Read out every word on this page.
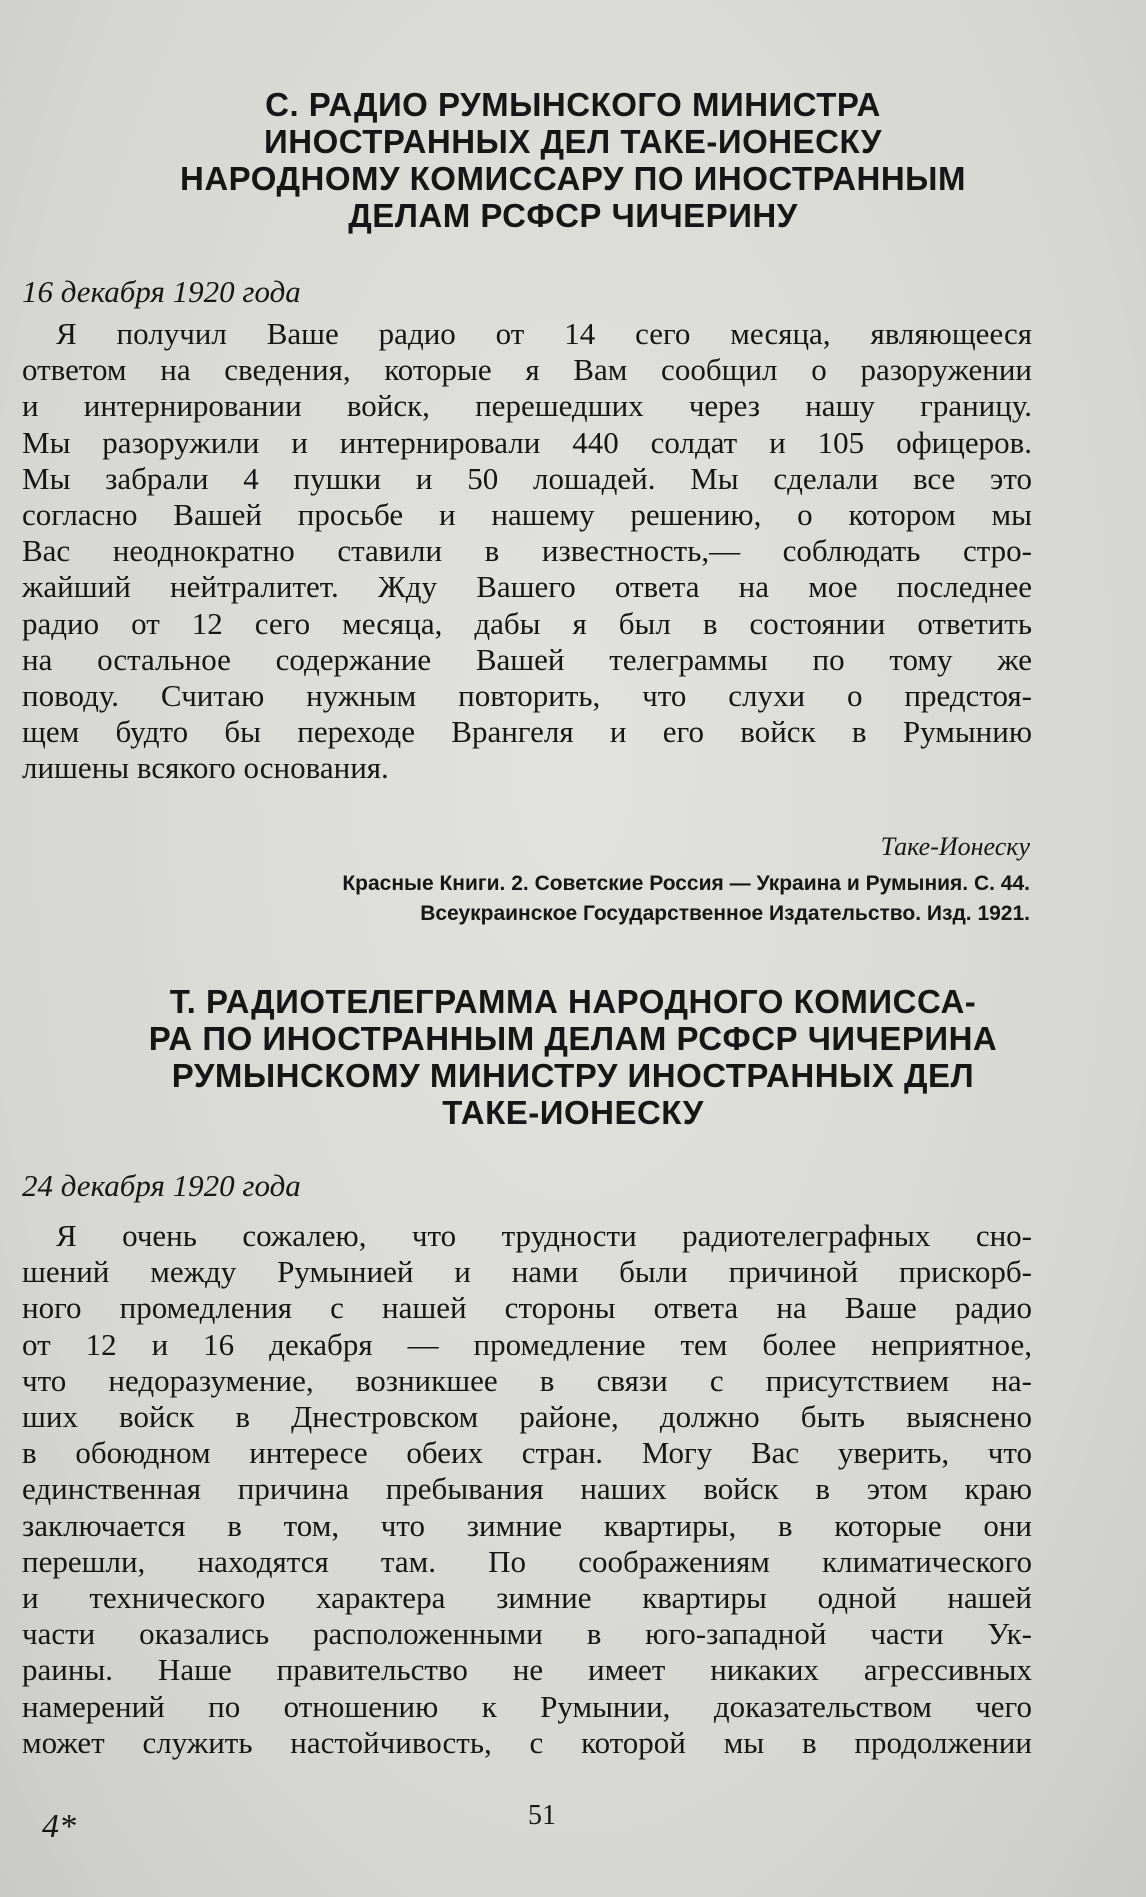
С. РАДИО РУМЫНСКОГО МИНИСТРА
ИНОСТРАННЫХ ДЕЛ ТАКЕ-ИОНЕСКУ
НАРОДНОМУ КОМИССАРУ ПО ИНОСТРАННЫМ
ДЕЛАМ РСФСР ЧИЧЕРИНУ
16 декабря 1920 года
Я получил Ваше радио от 14 сего месяца, являющееся
ответом на сведения, которые я Вам сообщил о разоружении
и интернировании войск, перешедших через нашу границу.
Мы разоружили и интернировали 440 солдат и 105 офицеров.
Мы забрали 4 пушки и 50 лошадей. Мы сделали все это
согласно Вашей просьбе и нашему решению, о котором мы
Вас неоднократно ставили в известность,— соблюдать стро-
жайший нейтралитет. Жду Вашего ответа на мое последнее
радио от 12 сего месяца, дабы я был в состоянии ответить
на остальное содержание Вашей телеграммы по тому же
поводу. Считаю нужным повторить, что слухи о предстоя-
щем будто бы переходе Врангеля и его войск в Румынию
лишены всякого основания.
Таке-Ионеску
Красные Книги. 2. Советские Россия — Украина и Румыния. С. 44.
Всеукраинское Государственное Издательство. Изд. 1921.
Т. РАДИОТЕЛЕГРАММА НАРОДНОГО КОМИССА-
РА ПО ИНОСТРАННЫМ ДЕЛАМ РСФСР ЧИЧЕРИНА
РУМЫНСКОМУ МИНИСТРУ ИНОСТРАННЫХ ДЕЛ
ТАКЕ-ИОНЕСКУ
24 декабря 1920 года
Я очень сожалею, что трудности радиотелеграфных сно-
шений между Румынией и нами были причиной прискорб-
ного промедления с нашей стороны ответа на Ваше радио
от 12 и 16 декабря — промедление тем более неприятное,
что недоразумение, возникшее в связи с присутствием на-
ших войск в Днестровском районе, должно быть выяснено
в обоюдном интересе обеих стран. Могу Вас уверить, что
единственная причина пребывания наших войск в этом краю
заключается в том, что зимние квартиры, в которые они
перешли, находятся там. По соображениям климатического
и технического характера зимние квартиры одной нашей
части оказались расположенными в юго-западной части Ук-
раины. Наше правительство не имеет никаких агрессивных
намерений по отношению к Румынии, доказательством чего
может служить настойчивость, с которой мы в продолжении
4*	51
